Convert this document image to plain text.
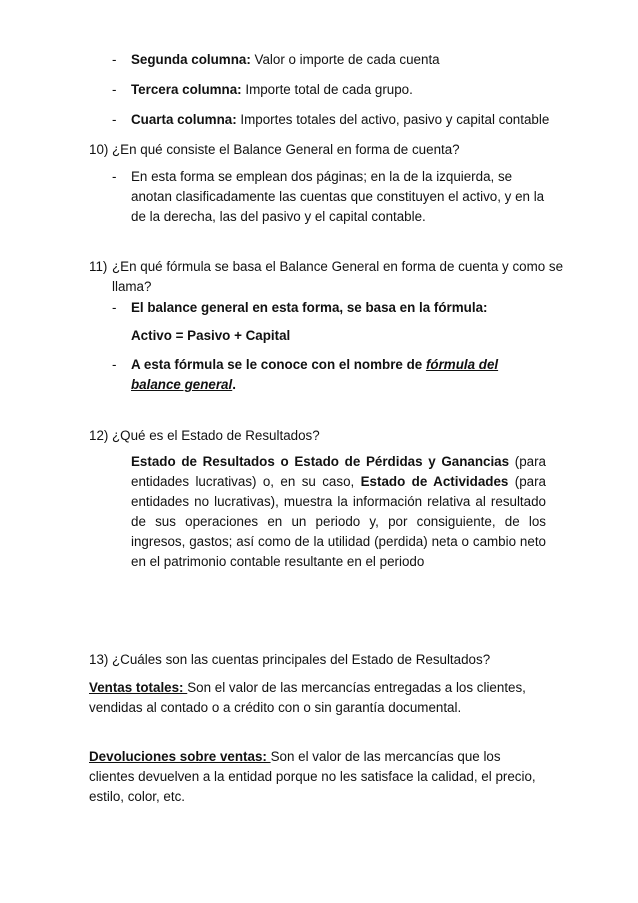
- Segunda columna: Valor o importe de cada cuenta
- Tercera columna: Importe total de cada grupo.
- Cuarta columna: Importes totales del activo, pasivo y capital contable
10) ¿En qué consiste el Balance General en forma de cuenta?
- En esta forma se emplean dos páginas; en la de la izquierda, se anotan clasificadamente las cuentas que constituyen el activo, y en la de la derecha, las del pasivo y el capital contable.
11) ¿En qué fórmula se basa el Balance General en forma de cuenta y como se
llama?
- El balance general en esta forma, se basa en la fórmula:
Activo = Pasivo + Capital
- A esta fórmula se le conoce con el nombre de fórmula del balance general.
12) ¿Qué es el Estado de Resultados?
Estado de Resultados o Estado de Pérdidas y Ganancias (para entidades lucrativas) o, en su caso, Estado de Actividades (para entidades no lucrativas), muestra la información relativa al resultado de sus operaciones en un periodo y, por consiguiente, de los ingresos, gastos; así como de la utilidad (perdida) neta o cambio neto en el patrimonio contable resultante en el periodo
13) ¿Cuáles son las cuentas principales del Estado de Resultados?
Ventas totales: Son el valor de las mercancías entregadas a los clientes, vendidas al contado o a crédito con o sin garantía documental.
Devoluciones sobre ventas: Son el valor de las mercancías que los clientes devuelven a la entidad porque no les satisface la calidad, el precio, estilo, color, etc.
